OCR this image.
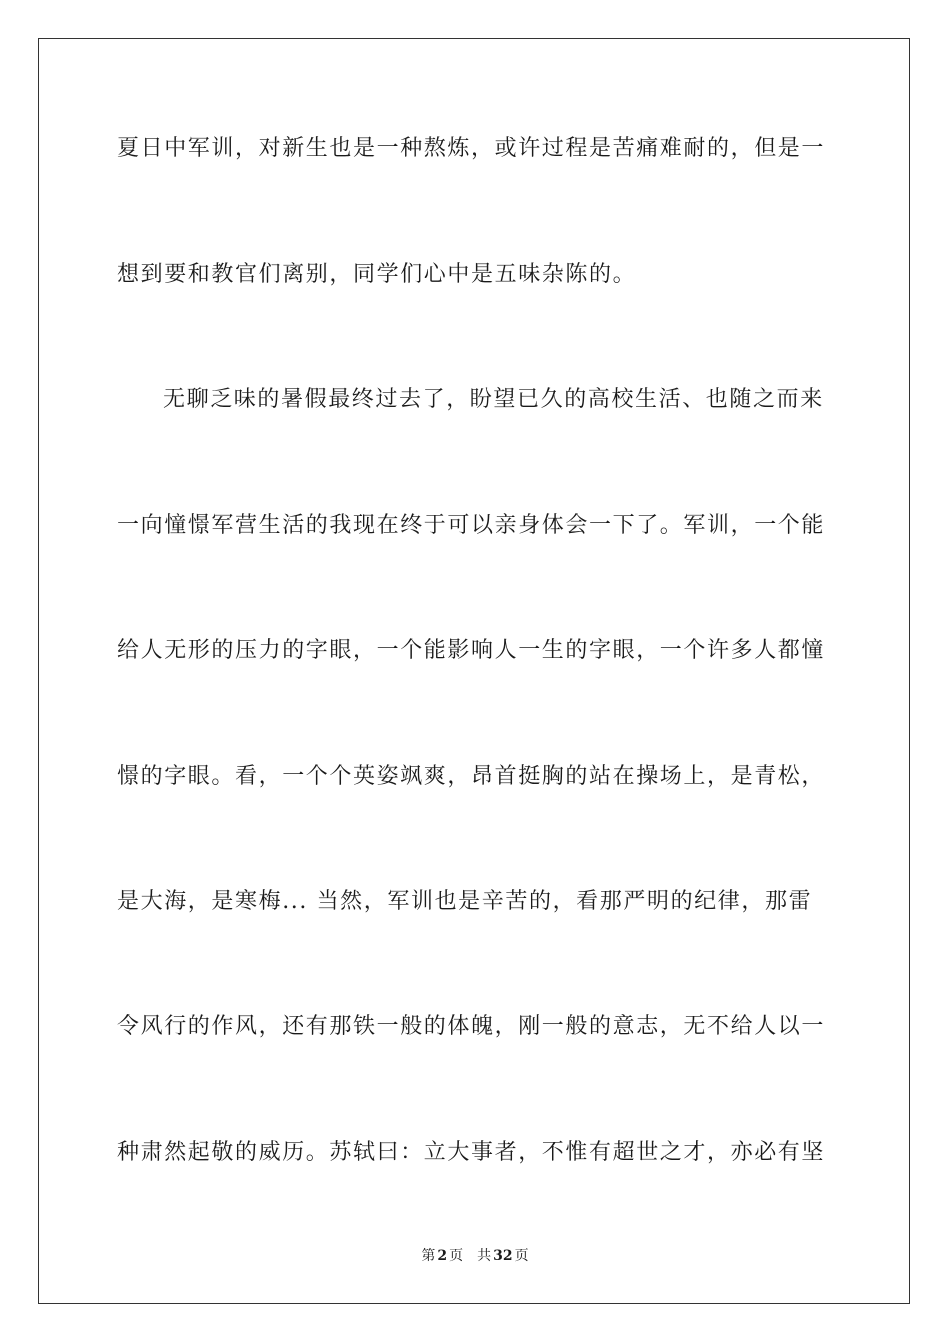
夏日中军训，对新生也是一种熬炼，或许过程是苦痛难耐的，但是一
想到要和教官们离别，同学们心中是五味杂陈的。
无聊乏味的暑假最终过去了，盼望已久的高校生活、也随之而来
一向憧憬军营生活的我现在终于可以亲身体会一下了。军训，一个能
给人无形的压力的字眼，一个能影响人一生的字眼，一个许多人都憧
憬的字眼。看，一个个英姿飒爽，昂首挺胸的站在操场上，是青松，
是大海，是寒梅... 当然，军训也是辛苦的，看那严明的纪律，那雷
令风行的作风，还有那铁一般的体魄，刚一般的意志，无不给人以一
种肃然起敬的威历。苏轼曰：立大事者，不惟有超世之才，亦必有坚
第 2 页 共 32 页
